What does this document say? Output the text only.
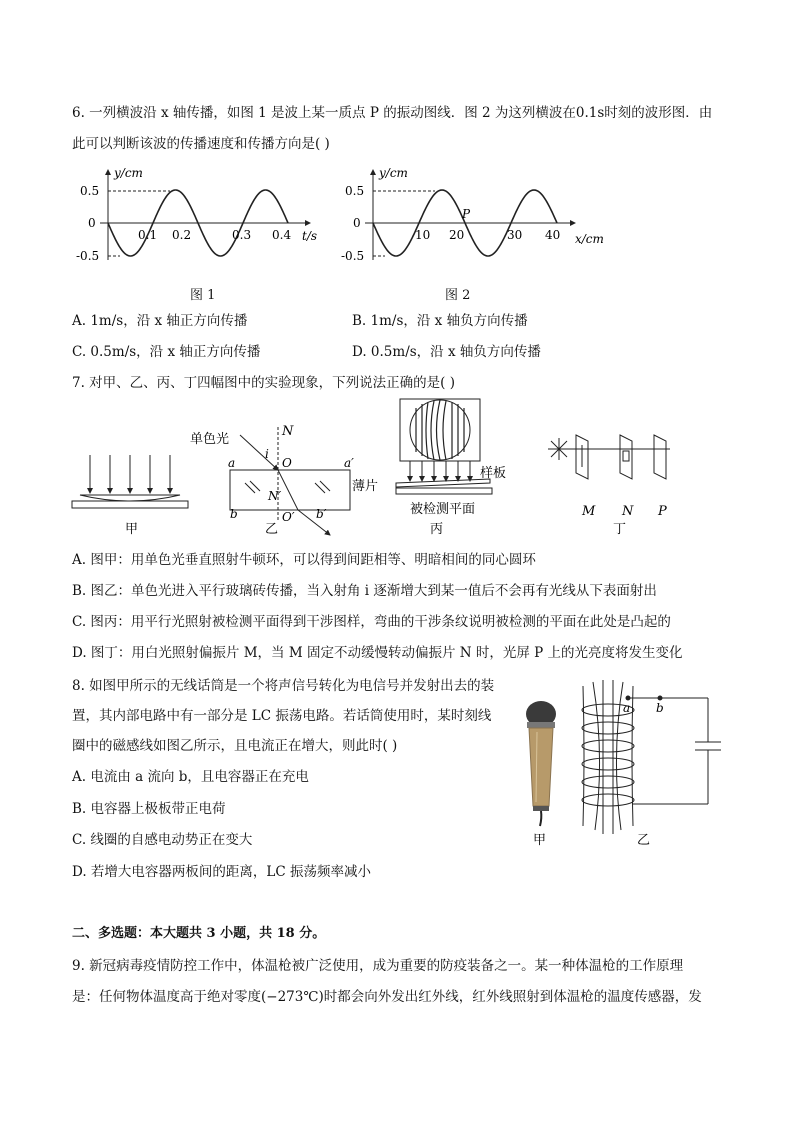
6. 一列横波沿 x 轴传播，如图 1 是波上某一质点 P 的振动图线．图 2 为这列横波在0.1s时刻的波形图．由
此可以判断该波的传播速度和传播方向是( )
y/cm
0.5
0
-0.5
0.1 0.2	0.3 0.4 t/s
图 1
y/cm
0.5
0
-0.5
P
10 20	30 40 x/cm
图 2
A. 1m/s，沿 x 轴正方向传播	B. 1m/s，沿 x 轴负方向传播
C. 0.5m/s，沿 x 轴正方向传播	D. 0.5m/s，沿 x 轴负方向传播
7. 对甲、乙、丙、丁四幅图中的实验现象，下列说法正确的是( )
甲
单色光
N
i
O
a	a′
N′
b	O′ b′
乙
薄片
样板
被检测平面
丙
M N P
丁
A. 图甲：用单色光垂直照射牛顿环，可以得到间距相等、明暗相间的同心圆环
B. 图乙：单色光进入平行玻璃砖传播，当入射角 i 逐渐增大到某一值后不会再有光线从下表面射出
C. 图丙：用平行光照射被检测平面得到干涉图样，弯曲的干涉条纹说明被检测的平面在此处是凸起的
D. 图丁：用白光照射偏振片 M，当 M 固定不动缓慢转动偏振片 N 时，光屏 P 上的光亮度将发生变化
8. 如图甲所示的无线话筒是一个将声信号转化为电信号并发射出去的装
置，其内部电路中有一部分是 LC 振荡电路。若话筒使用时，某时刻线
圈中的磁感线如图乙所示，且电流正在增大，则此时( )
A. 电流由 a 流向 b，且电容器正在充电
B. 电容器上极板带正电荷
C. 线圈的自感电动势正在变大
D. 若增大电容器两板间的距离，LC 振荡频率减小
甲
a b
乙
二、多选题：本大题共 3 小题，共 18 分。
9. 新冠病毒疫情防控工作中，体温枪被广泛使用，成为重要的防疫装备之一。某一种体温枪的工作原理
是：任何物体温度高于绝对零度(−273℃)时都会向外发出红外线，红外线照射到体温枪的温度传感器，发
